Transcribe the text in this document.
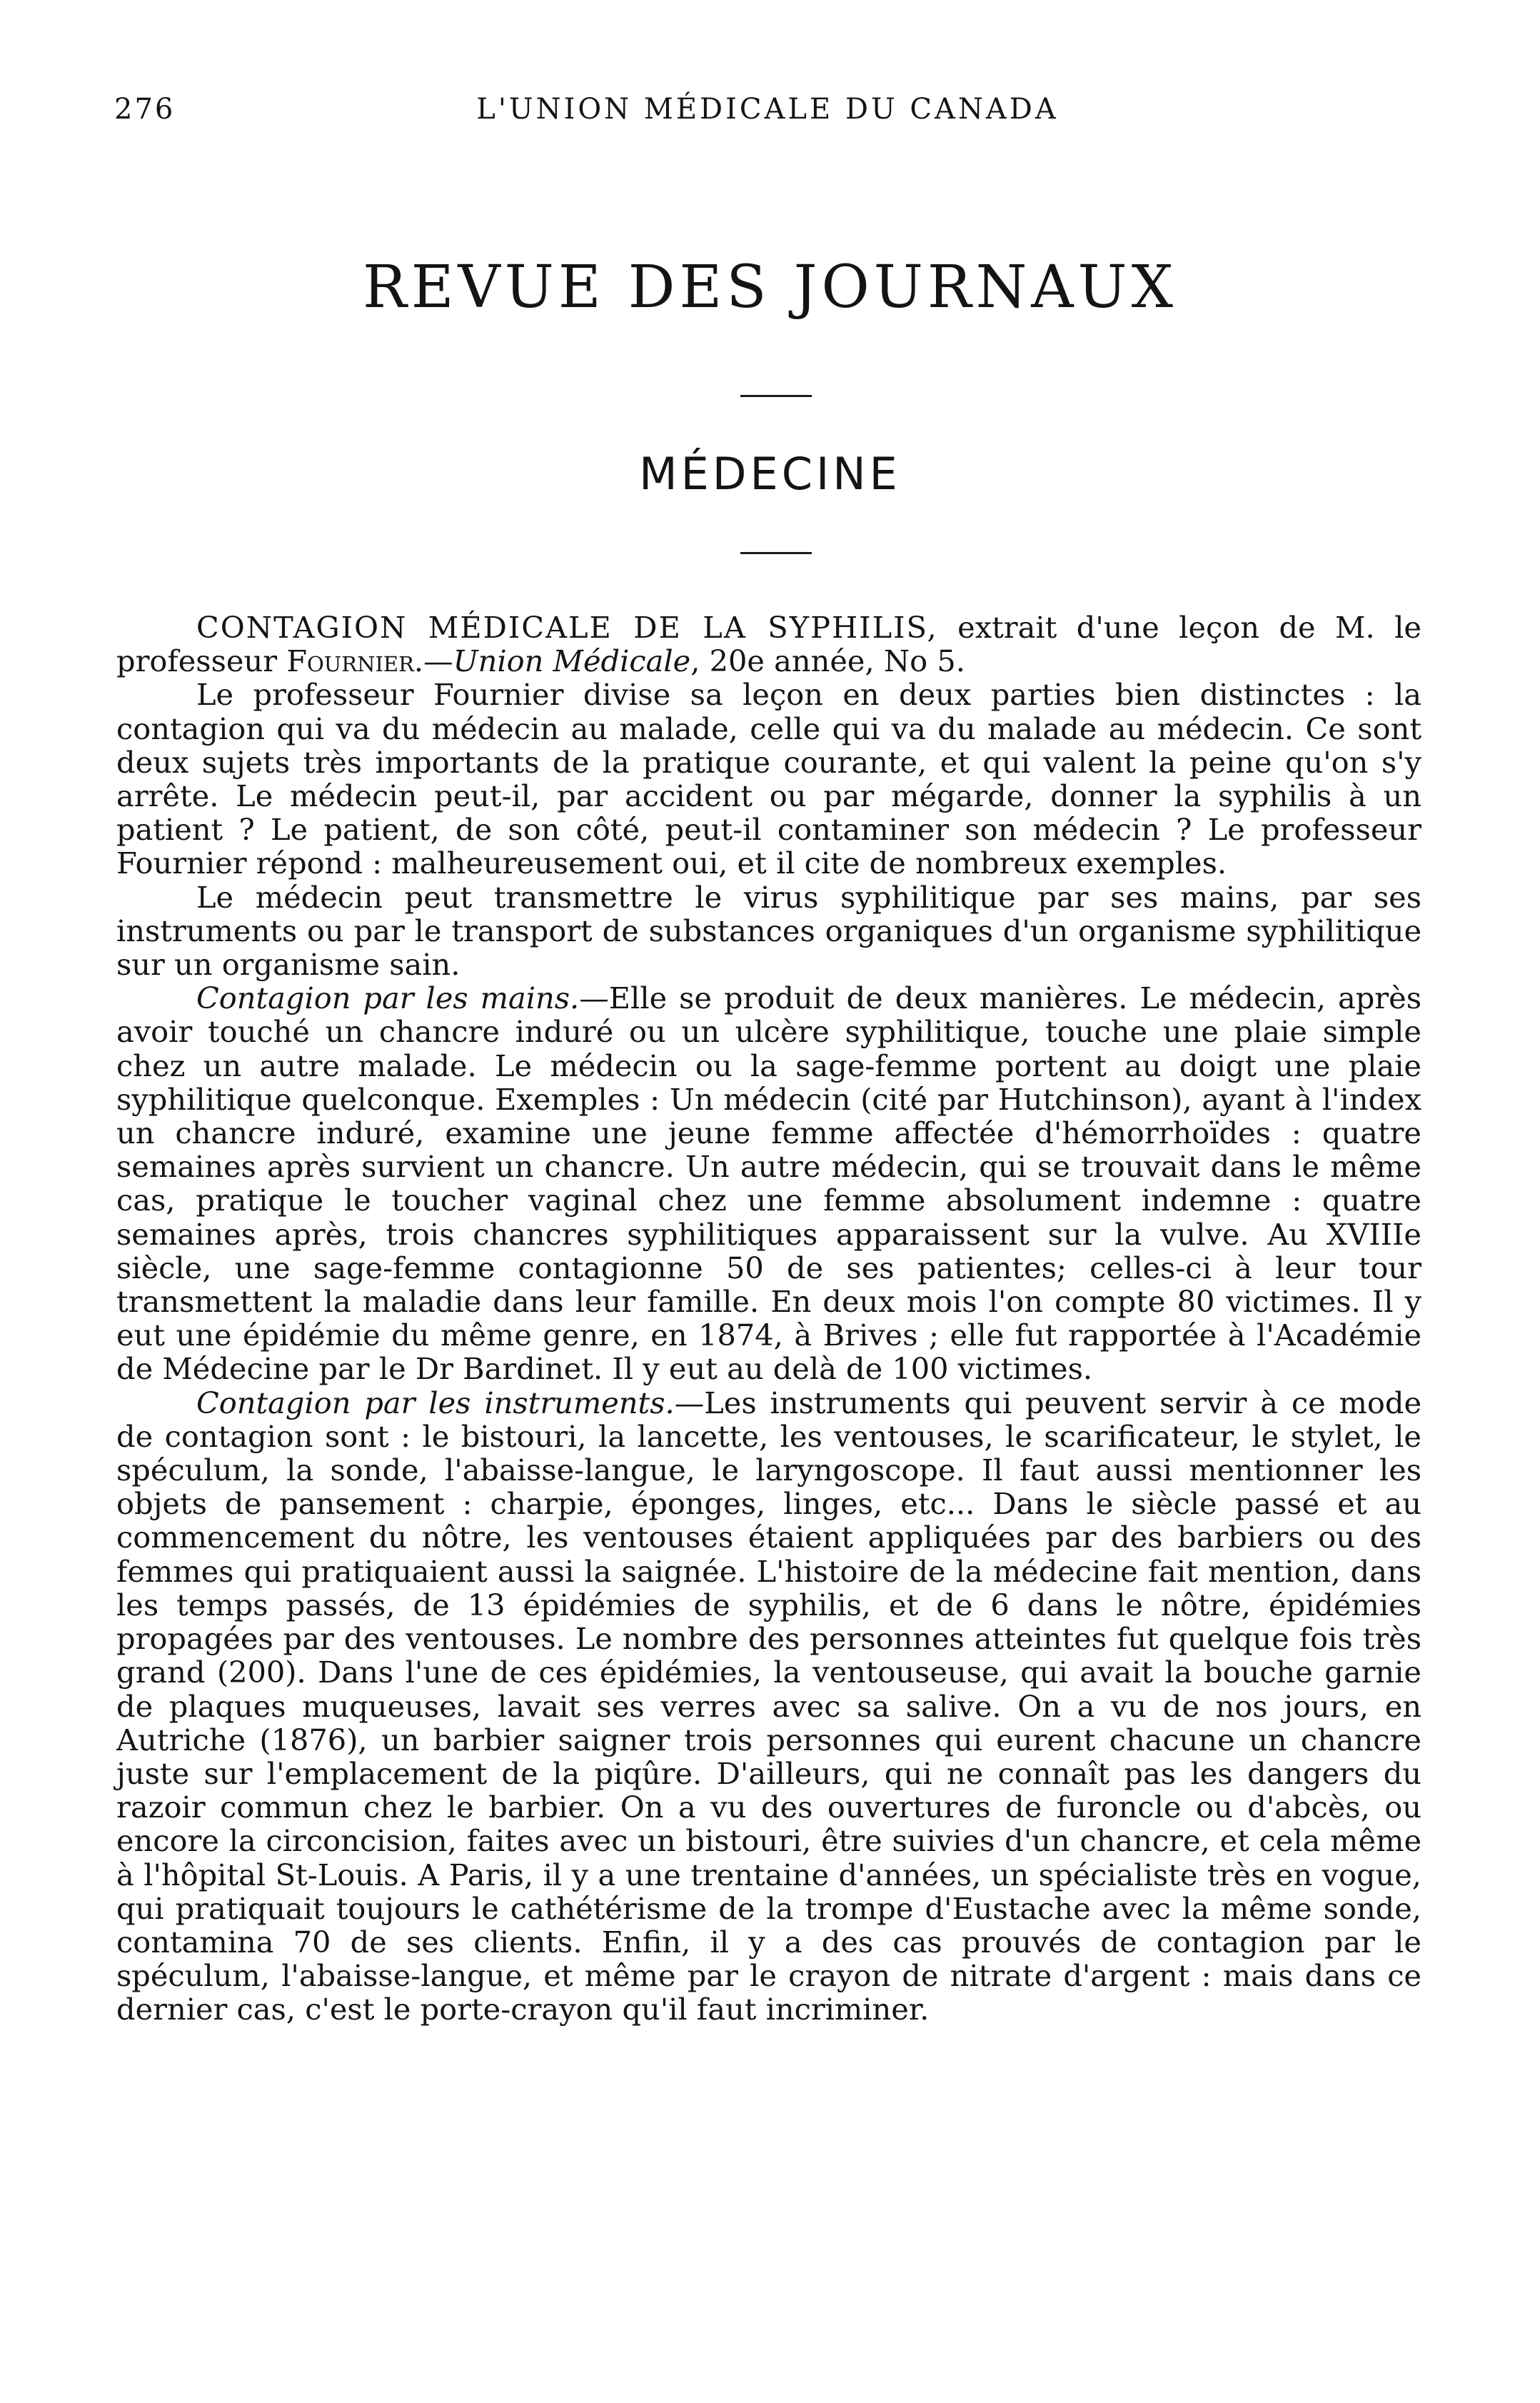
276	L'UNION MÉDICALE DU CANADA
REVUE DES JOURNAUX
MÉDECINE

CONTAGION MÉDICALE DE LA SYPHILIS, extrait d'une leçon de M. le professeur Fournier.—Union Médicale, 20e année, No 5.

Le professeur Fournier divise sa leçon en deux parties bien distinctes : la contagion qui va du médecin au malade, celle qui va du malade au médecin. Ce sont deux sujets très importants de la pratique courante, et qui valent la peine qu'on s'y arrête. Le médecin peut-il, par accident ou par mégarde, donner la syphilis à un patient ? Le patient, de son côté, peut-il contaminer son médecin ? Le professeur Fournier répond : malheureusement oui, et il cite de nombreux exemples.

Le médecin peut transmettre le virus syphilitique par ses mains, par ses instruments ou par le transport de substances organiques d'un organisme syphilitique sur un organisme sain.

Contagion par les mains.—Elle se produit de deux manières. Le médecin, après avoir touché un chancre induré ou un ulcère syphilitique, touche une plaie simple chez un autre malade. Le médecin ou la sage-femme portent au doigt une plaie syphilitique quelconque. Exemples : Un médecin (cité par Hutchinson), ayant à l'index un chancre induré, examine une jeune femme affectée d'hémorrhoïdes : quatre semaines après survient un chancre. Un autre médecin, qui se trouvait dans le même cas, pratique le toucher vaginal chez une femme absolument indemne : quatre semaines après, trois chancres syphilitiques apparaissent sur la vulve. Au XVIIIe siècle, une sage-femme contagionne 50 de ses patientes; celles-ci à leur tour transmettent la maladie dans leur famille. En deux mois l'on compte 80 victimes. Il y eut une épidémie du même genre, en 1874, à Brives ; elle fut rapportée à l'Académie de Médecine par le Dr Bardinet. Il y eut au delà de 100 victimes.

Contagion par les instruments.—Les instruments qui peuvent servir à ce mode de contagion sont : le bistouri, la lancette, les ventouses, le scarificateur, le stylet, le spéculum, la sonde, l'abaisse-langue, le laryngoscope. Il faut aussi mentionner les objets de pansement : charpie, éponges, linges, etc... Dans le siècle passé et au commencement du nôtre, les ventouses étaient appliquées par des barbiers ou des femmes qui pratiquaient aussi la saignée. L'histoire de la médecine fait mention, dans les temps passés, de 13 épidémies de syphilis, et de 6 dans le nôtre, épidémies propagées par des ventouses. Le nombre des personnes atteintes fut quelque fois très grand (200). Dans l'une de ces épidémies, la ventouseuse, qui avait la bouche garnie de plaques muqueuses, lavait ses verres avec sa salive. On a vu de nos jours, en Autriche (1876), un barbier saigner trois personnes qui eurent chacune un chancre juste sur l'emplacement de la piqûre. D'ailleurs, qui ne connaît pas les dangers du razoir commun chez le barbier. On a vu des ouvertures de furoncle ou d'abcès, ou encore la circoncision, faites avec un bistouri, être suivies d'un chancre, et cela même à l'hôpital St-Louis. A Paris, il y a une trentaine d'années, un spécialiste très en vogue, qui pratiquait toujours le cathétérisme de la trompe d'Eustache avec la même sonde, contamina 70 de ses clients. Enfin, il y a des cas prouvés de contagion par le spéculum, l'abaisse-langue, et même par le crayon de nitrate d'argent : mais dans ce dernier cas, c'est le porte-crayon qu'il faut incriminer.
